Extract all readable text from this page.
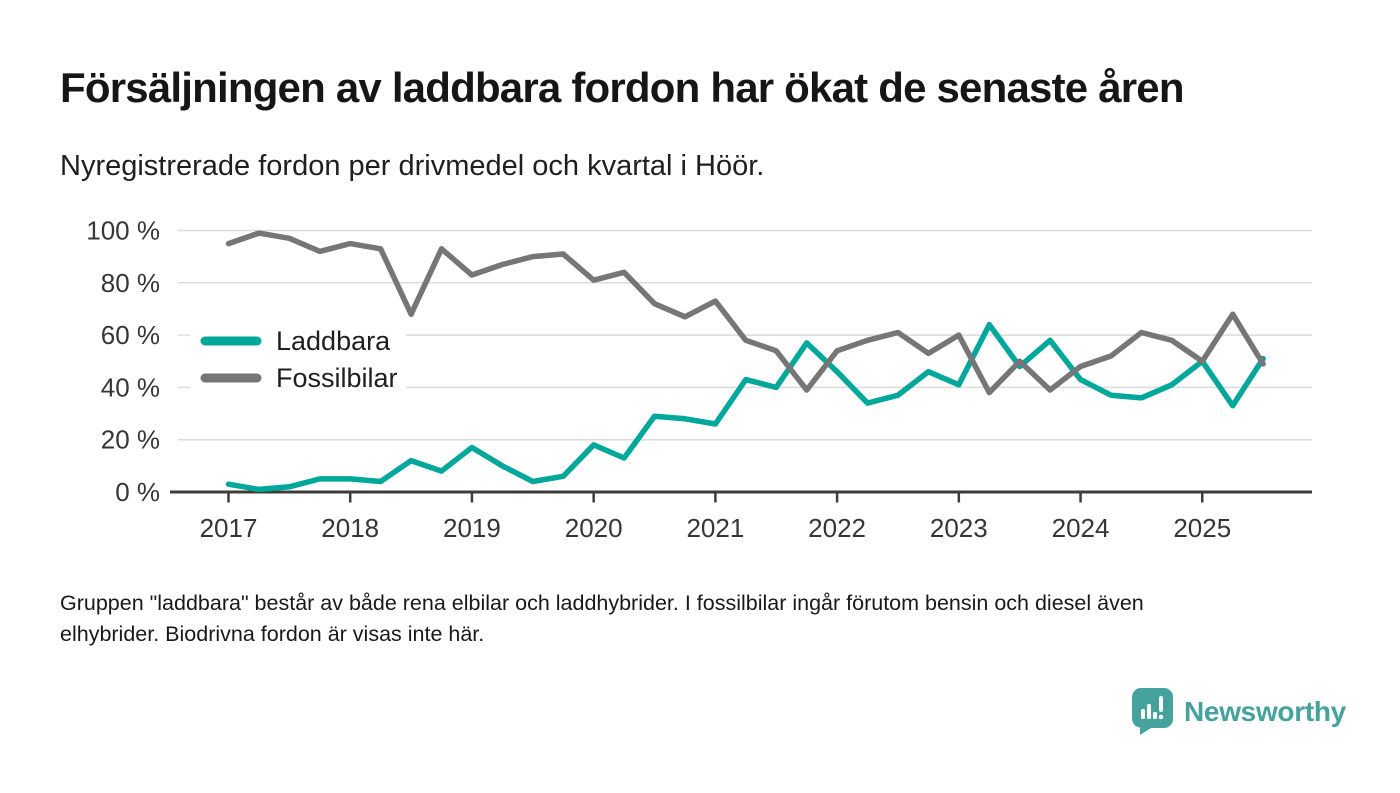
Försäljningen av laddbara fordon har ökat de senaste åren

Nyregistrerade fordon per drivmedel och kvartal i Höör.

0 %
20 %
40 %
60 %
80 %
100 %
2017 2018 2019 2020 2021 2022 2023 2024 2025
Laddbara
Fossilbilar
Gruppen "laddbara" består av både rena elbilar och laddhybrider. I fossilbilar ingår förutom bensin och diesel även
elhybrider. Biodrivna fordon är visas inte här.
Newsworthy
